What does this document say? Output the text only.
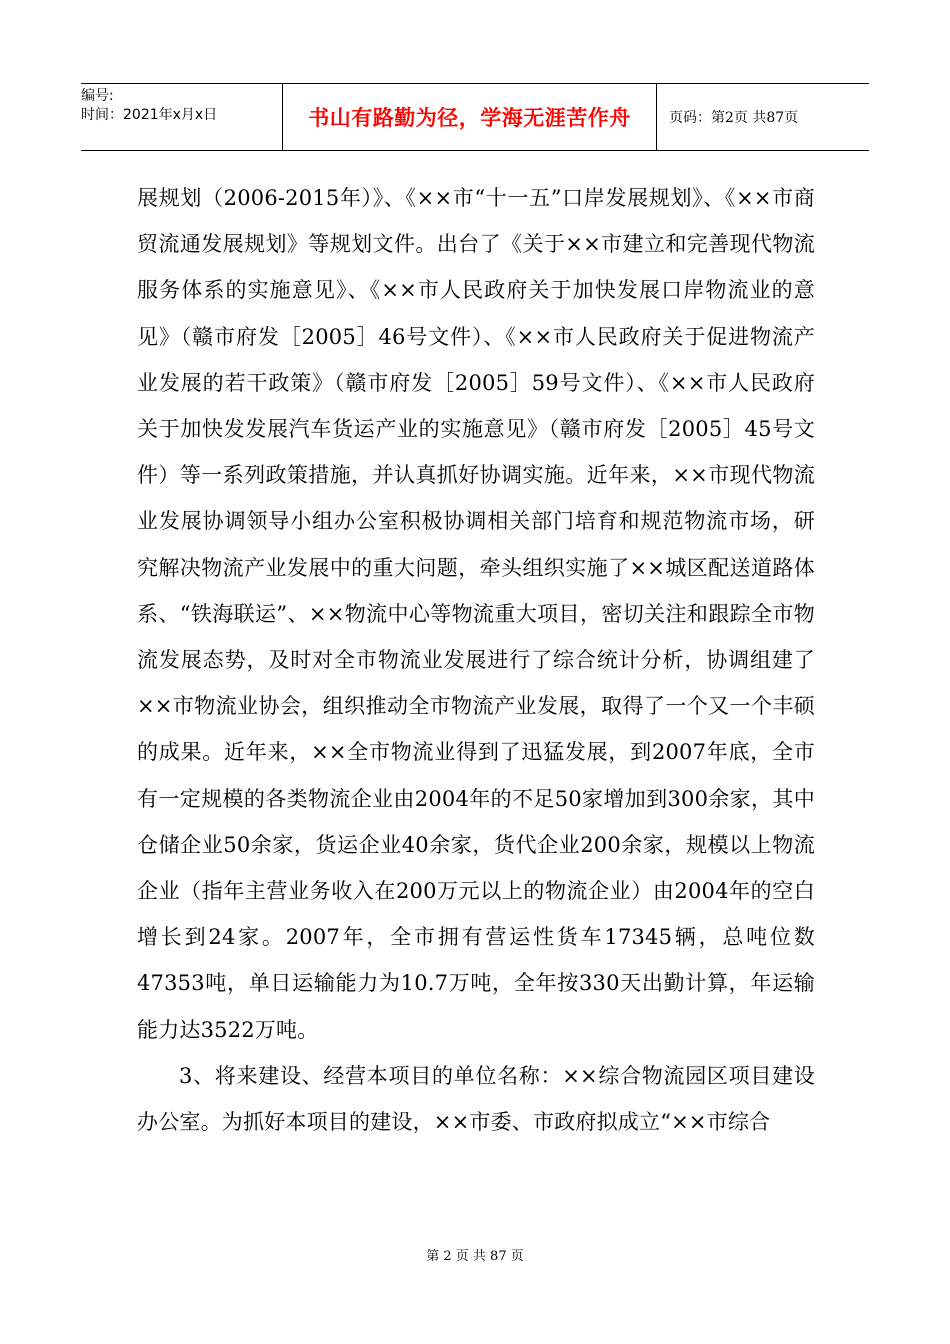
编号:
时间：2021年x月x日	书山有路勤为径，学海无涯苦作舟	页码：第2页 共87页

展规划（2006-2015年）》、《××市“十一五”口岸发展规划》、《××市商贸流通发展规划》等规划文件。出台了《关于××市建立和完善现代物流服务体系的实施意见》、《××市人民政府关于加快发展口岸物流业的意见》（赣市府发［2005］46号文件）、《××市人民政府关于促进物流产业发展的若干政策》（赣市府发［2005］59号文件）、《××市人民政府关于加快发发展汽车货运产业的实施意见》（赣市府发［2005］45号文件）等一系列政策措施，并认真抓好协调实施。近年来，××市现代物流业发展协调领导小组办公室积极协调相关部门培育和规范物流市场，研究解决物流产业发展中的重大问题，牵头组织实施了××城区配送道路体系、“铁海联运”、××物流中心等物流重大项目，密切关注和跟踪全市物流发展态势，及时对全市物流业发展进行了综合统计分析，协调组建了××市物流业协会，组织推动全市物流产业发展，取得了一个又一个丰硕的成果。近年来，××全市物流业得到了迅猛发展，到2007年底，全市有一定规模的各类物流企业由2004年的不足50家增加到300余家，其中仓储企业50余家，货运企业40余家，货代企业200余家，规模以上物流企业（指年主营业务收入在200万元以上的物流企业）由2004年的空白增长到24家。2007年，全市拥有营运性货车17345辆，总吨位数47353吨，单日运输能力为10.7万吨，全年按330天出勤计算，年运输能力达3522万吨。

3、将来建设、经营本项目的单位名称：××综合物流园区项目建设办公室。为抓好本项目的建设，××市委、市政府拟成立“××市综合

第 2 页 共 87 页
